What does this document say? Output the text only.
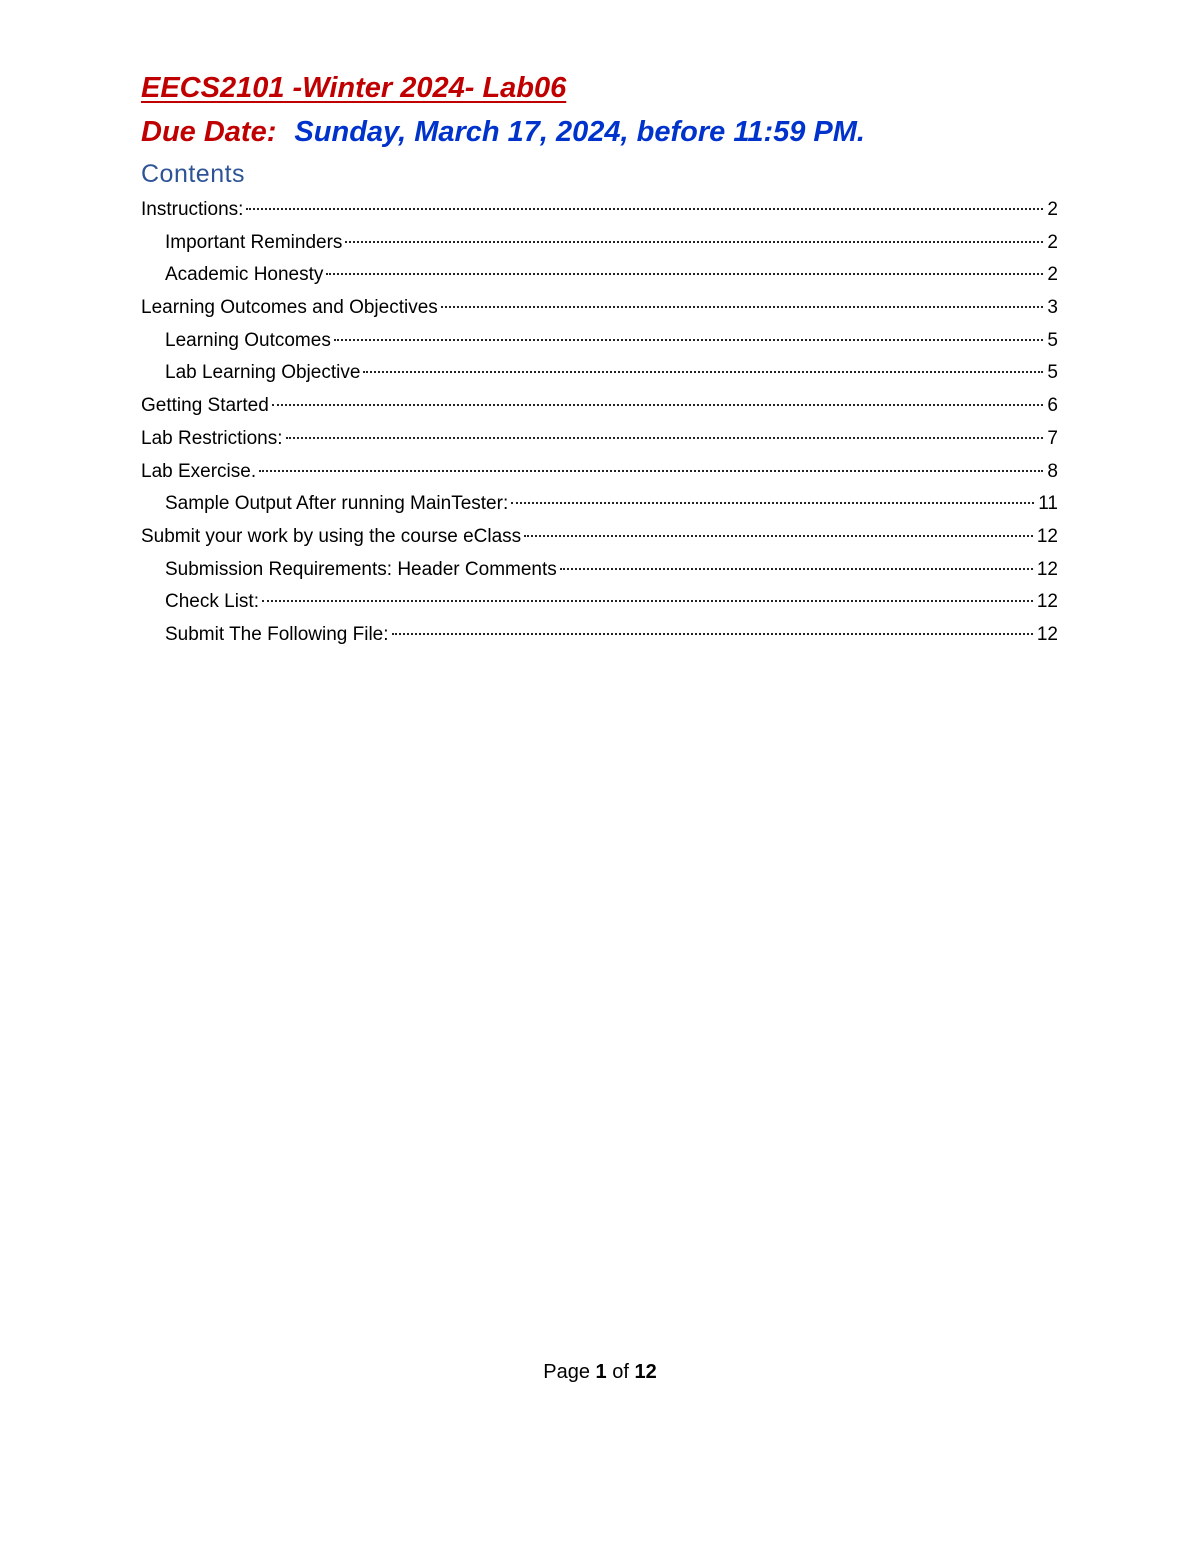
EECS2101 -Winter 2024- Lab06
Due Date: Sunday, March 17, 2024, before 11:59 PM.
Contents
Instructions:	2
Important Reminders	2
Academic Honesty	2
Learning Outcomes and Objectives	3
Learning Outcomes	5
Lab Learning Objective	5
Getting Started	6
Lab Restrictions:	7
Lab Exercise.	8
Sample Output After running MainTester:	11
Submit your work by using the course eClass	12
Submission Requirements: Header Comments	12
Check List:	12
Submit The Following File:	12
Page 1 of 12
